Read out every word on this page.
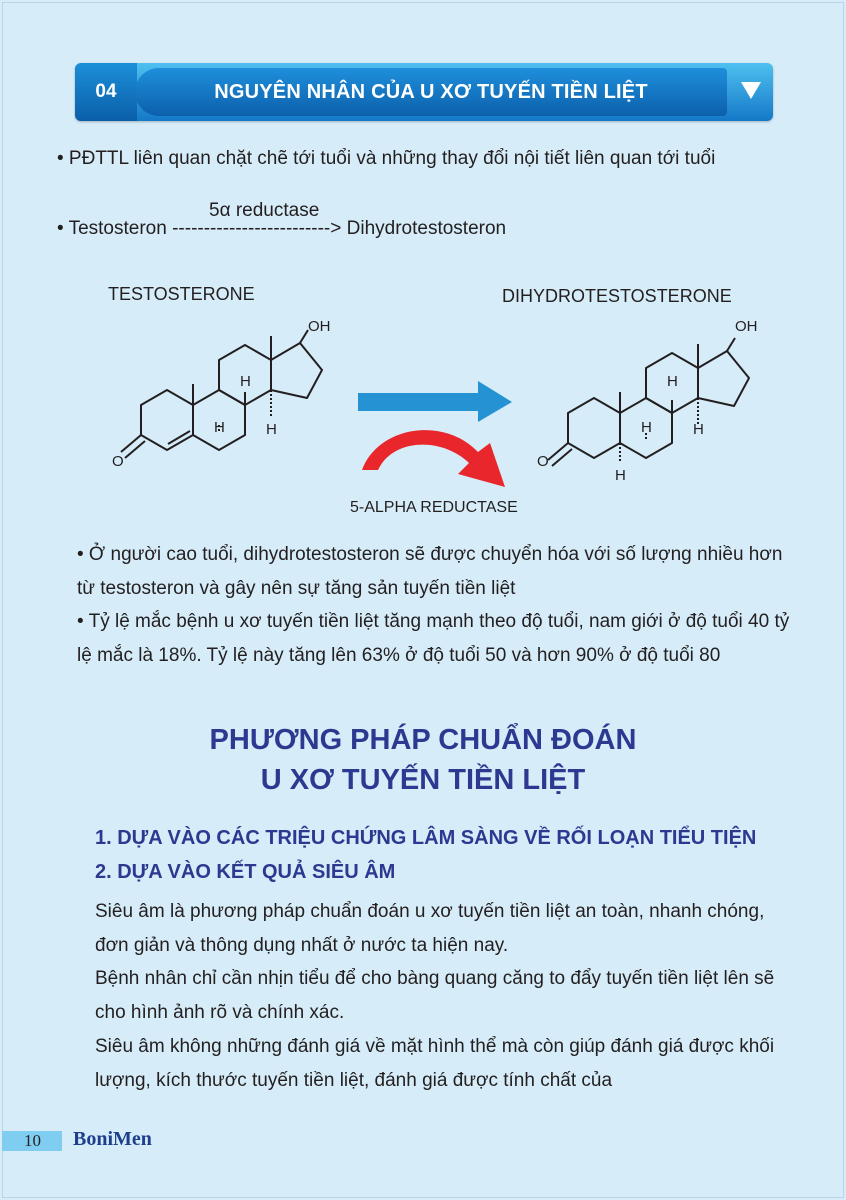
04	NGUYÊN NHÂN CỦA U XƠ TUYẾN TIỀN LIỆT
• PĐTTL liên quan chặt chẽ tới tuổi và những thay đổi nội tiết liên quan tới tuổi
5α reductase
• Testosteron -------------------------> Dihydrotestosteron
TESTOSTERONE	DIHYDROTESTOSTERONE
OH
O
H
H	H
OH
O
H
H	H
H
5-ALPHA REDUCTASE

• Ở người cao tuổi, dihydrotestosteron sẽ được chuyển hóa với số lượng nhiều hơn từ testosteron và gây nên sự tăng sản tuyến tiền liệt

• Tỷ lệ mắc bệnh u xơ tuyến tiền liệt tăng mạnh theo độ tuổi, nam giới ở độ tuổi 40 tỷ lệ mắc là 18%. Tỷ lệ này tăng lên 63% ở độ tuổi 50 và hơn 90% ở độ tuổi 80

PHƯƠNG PHÁP CHUẨN ĐOÁN
U XƠ TUYẾN TIỀN LIỆT
1. DỰA VÀO CÁC TRIỆU CHỨNG LÂM SÀNG VỀ RỐI LOẠN TIỂU TIỆN
2. DỰA VÀO KẾT QUẢ SIÊU ÂM

Siêu âm là phương pháp chuẩn đoán u xơ tuyến tiền liệt an toàn, nhanh chóng, đơn giản và thông dụng nhất ở nước ta hiện nay.

Bệnh nhân chỉ cần nhịn tiểu để cho bàng quang căng to đẩy tuyến tiền liệt lên sẽ cho hình ảnh rõ và chính xác.

Siêu âm không những đánh giá về mặt hình thể mà còn giúp đánh giá được khối lượng, kích thước tuyến tiền liệt, đánh giá được tính chất của

10 BoniMen
